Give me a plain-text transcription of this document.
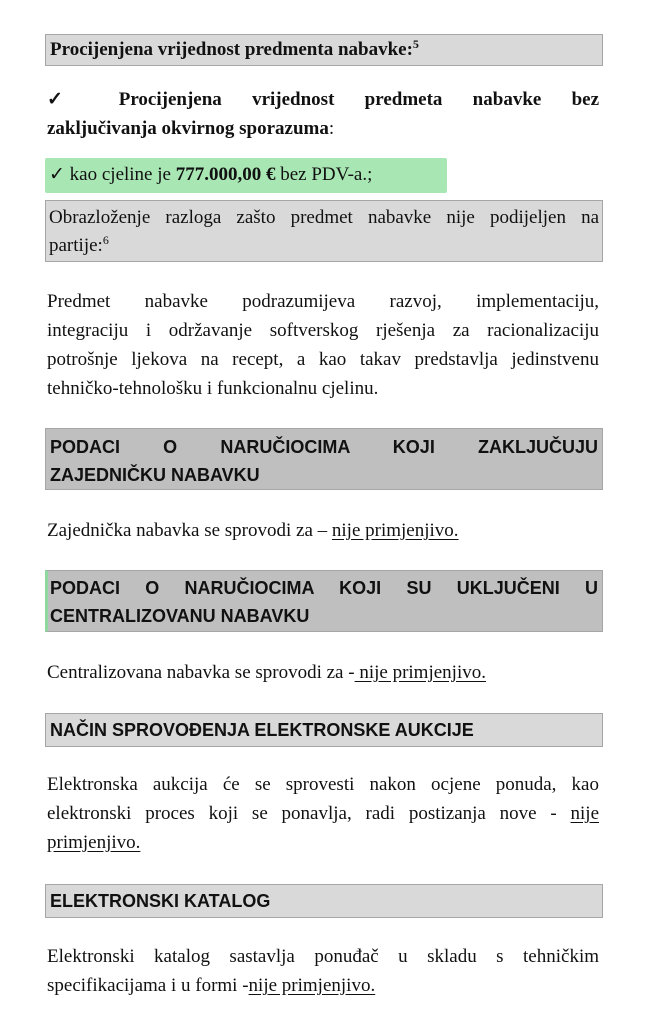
Procijenjena vrijednost predmenta nabavke:$^5$
✓ Procijenjena vrijednost predmeta nabavke bez
zaključivanja okvirnog sporazuma:
✓ kao cjeline je 777.000,00 € bez PDV-a.;
Obrazloženje razloga zašto predmet nabavke nije podijeljen na
partije:$^6$
Predmet nabavke podrazumijeva razvoj, implementaciju,
integraciju i održavanje softverskog rješenja za racionalizaciju
potrošnje ljekova na recept, a kao takav predstavlja jedinstvenu
tehničko-tehnološku i funkcionalnu cjelinu.
PODACI O NARUČIOCIMA KOJI ZAKLJUČUJU
ZAJEDNIČKU NABAVKU
Zajednička nabavka se sprovodi za – nije primjenjivo.
PODACI O NARUČIOCIMA KOJI SU UKLJUČENI U
CENTRALIZOVANU NABAVKU
Centralizovana nabavka se sprovodi za - nije primjenjivo.
NAČIN SPROVOĐENJA ELEKTRONSKE AUKCIJE
Elektronska aukcija će se sprovesti nakon ocjene ponuda, kao
elektronski proces koji se ponavlja, radi postizanja nove - nije
primjenjivo.
ELEKTRONSKI KATALOG
Elektronski katalog sastavlja ponuđač u skladu s tehničkim
specifikacijama i u formi -nije primjenjivo.
